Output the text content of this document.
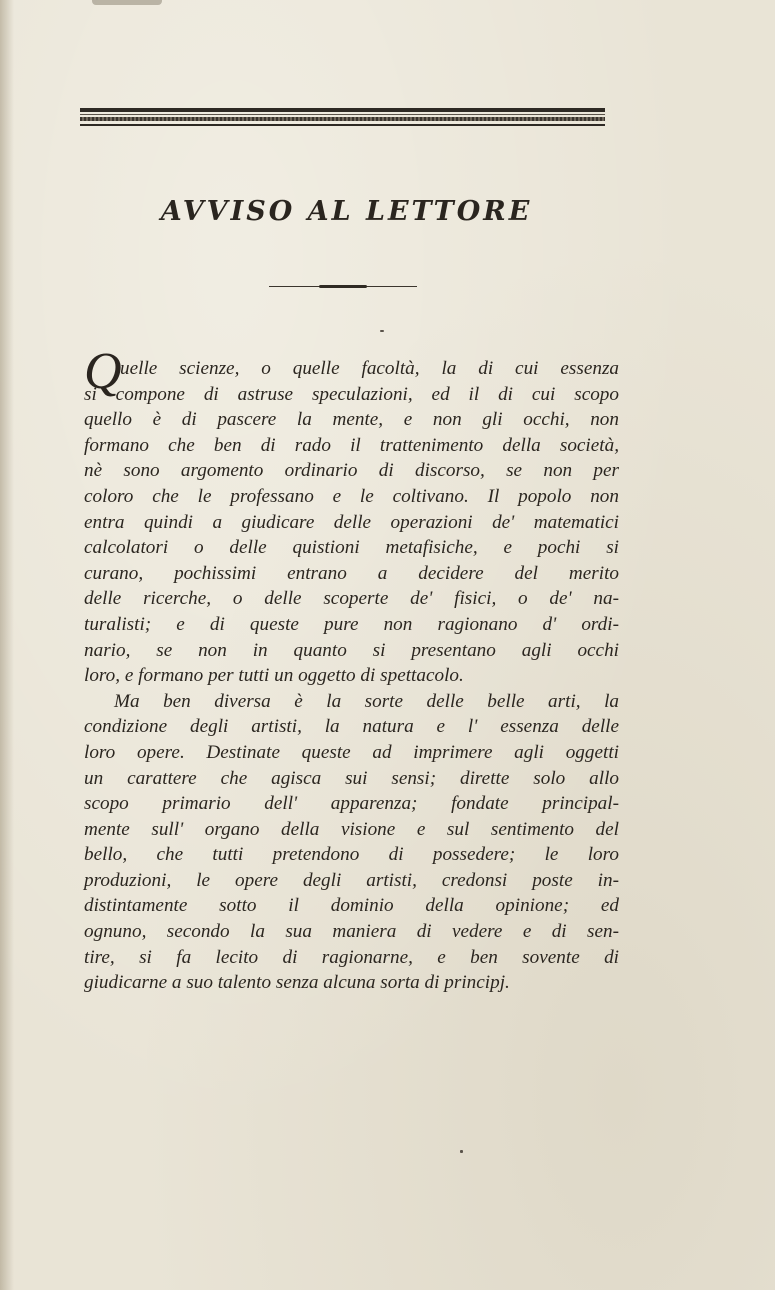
AVVISO AL LETTORE
Q
uelle scienze, o quelle facoltà, la di cui essenza
si compone di astruse speculazioni, ed il di cui scopo
quello è di pascere la mente, e non gli occhi, non
formano che ben di rado il trattenimento della società,
nè sono argomento ordinario di discorso, se non per
coloro che le professano e le coltivano. Il popolo non
entra quindi a giudicare delle operazioni de' matematici
calcolatori o delle quistioni metafisiche, e pochi si
curano, pochissimi entrano a decidere del merito
delle ricerche, o delle scoperte de' fisici, o de' na-
turalisti; e di queste pure non ragionano d' ordi-
nario, se non in quanto si presentano agli occhi
loro, e formano per tutti un oggetto di spettacolo.
Ma ben diversa è la sorte delle belle arti, la
condizione degli artisti, la natura e l' essenza delle
loro opere. Destinate queste ad imprimere agli oggetti
un carattere che agisca sui sensi; dirette solo allo
scopo primario dell' apparenza; fondate principal-
mente sull' organo della visione e sul sentimento del
bello, che tutti pretendono di possedere; le loro
produzioni, le opere degli artisti, credonsi poste in-
distintamente sotto il dominio della opinione; ed
ognuno, secondo la sua maniera di vedere e di sen-
tire, si fa lecito di ragionarne, e ben sovente di
giudicarne a suo talento senza alcuna sorta di principj.
